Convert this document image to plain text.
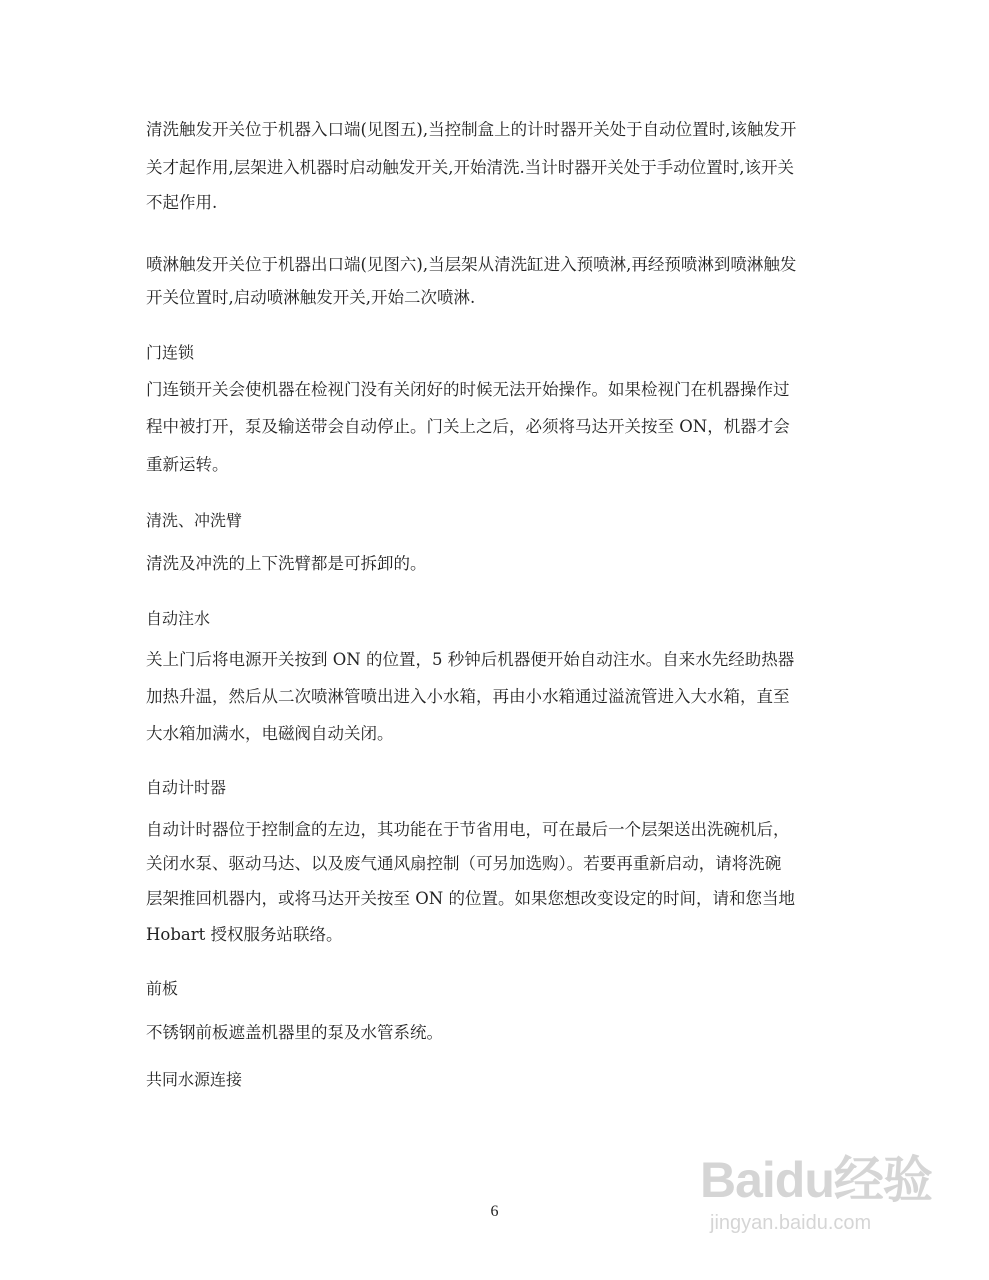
清洗触发开关位于机器入口端(见图五),当控制盒上的计时器开关处于自动位置时,该触发开
关才起作用,层架进入机器时启动触发开关,开始清洗.当计时器开关处于手动位置时,该开关
不起作用.
喷淋触发开关位于机器出口端(见图六),当层架从清洗缸进入预喷淋,再经预喷淋到喷淋触发
开关位置时,启动喷淋触发开关,开始二次喷淋.
门连锁
门连锁开关会使机器在检视门没有关闭好的时候无法开始操作。如果检视门在机器操作过
程中被打开，泵及输送带会自动停止。门关上之后，必须将马达开关按至 ON，机器才会
重新运转。
清洗、冲洗臂
清洗及冲洗的上下洗臂都是可拆卸的。
自动注水
关上门后将电源开关按到 ON 的位置，5 秒钟后机器便开始自动注水。自来水先经助热器
加热升温，然后从二次喷淋管喷出进入小水箱，再由小水箱通过溢流管进入大水箱，直至
大水箱加满水，电磁阀自动关闭。
自动计时器
自动计时器位于控制盒的左边，其功能在于节省用电，可在最后一个层架送出洗碗机后，
关闭水泵、驱动马达、以及废气通风扇控制（可另加选购）。若要再重新启动，请将洗碗
层架推回机器内，或将马达开关按至 ON 的位置。如果您想改变设定的时间，请和您当地
Hobart 授权服务站联络。
前板
不锈钢前板遮盖机器里的泵及水管系统。
共同水源连接
6
Baidu经验
jingyan.baidu.com
